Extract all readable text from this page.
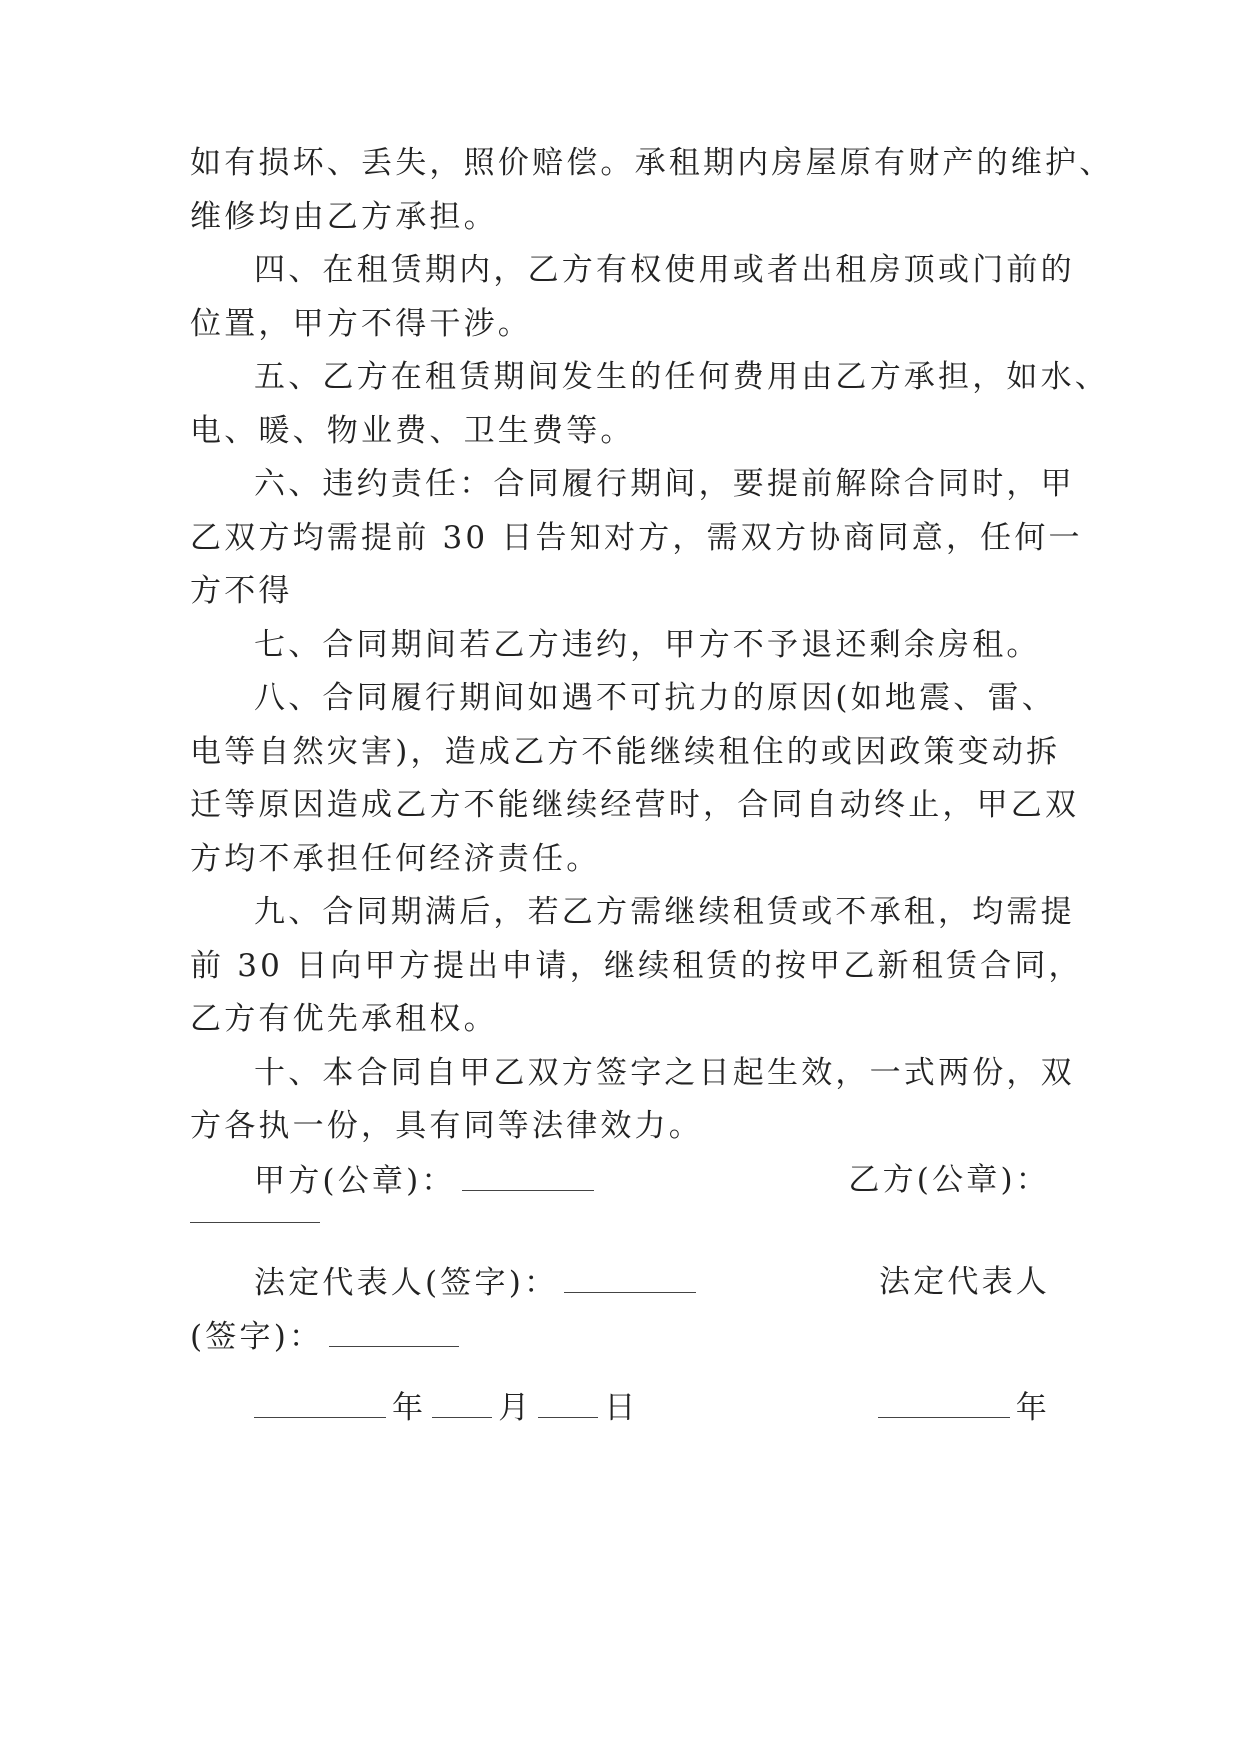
如有损坏、丢失，照价赔偿。承租期内房屋原有财产的维护、
维修均由乙方承担。
四、在租赁期内，乙方有权使用或者出租房顶或门前的
位置，甲方不得干涉。
五、乙方在租赁期间发生的任何费用由乙方承担，如水、
电、暖、物业费、卫生费等。
六、违约责任：合同履行期间，要提前解除合同时，甲
乙双方均需提前 30 日告知对方，需双方协商同意，任何一
方不得
七、合同期间若乙方违约，甲方不予退还剩余房租。
八、合同履行期间如遇不可抗力的原因(如地震、雷、
电等自然灾害)，造成乙方不能继续租住的或因政策变动拆
迁等原因造成乙方不能继续经营时，合同自动终止，甲乙双
方均不承担任何经济责任。
九、合同期满后，若乙方需继续租赁或不承租，均需提
前 30 日向甲方提出申请，继续租赁的按甲乙新租赁合同，
乙方有优先承租权。
十、本合同自甲乙双方签字之日起生效，一式两份，双
方各执一份，具有同等法律效力。
甲方(公章)：	乙方(公章)：
法定代表人(签字)：	法定代表人
(签字)：
年 月 日	年
